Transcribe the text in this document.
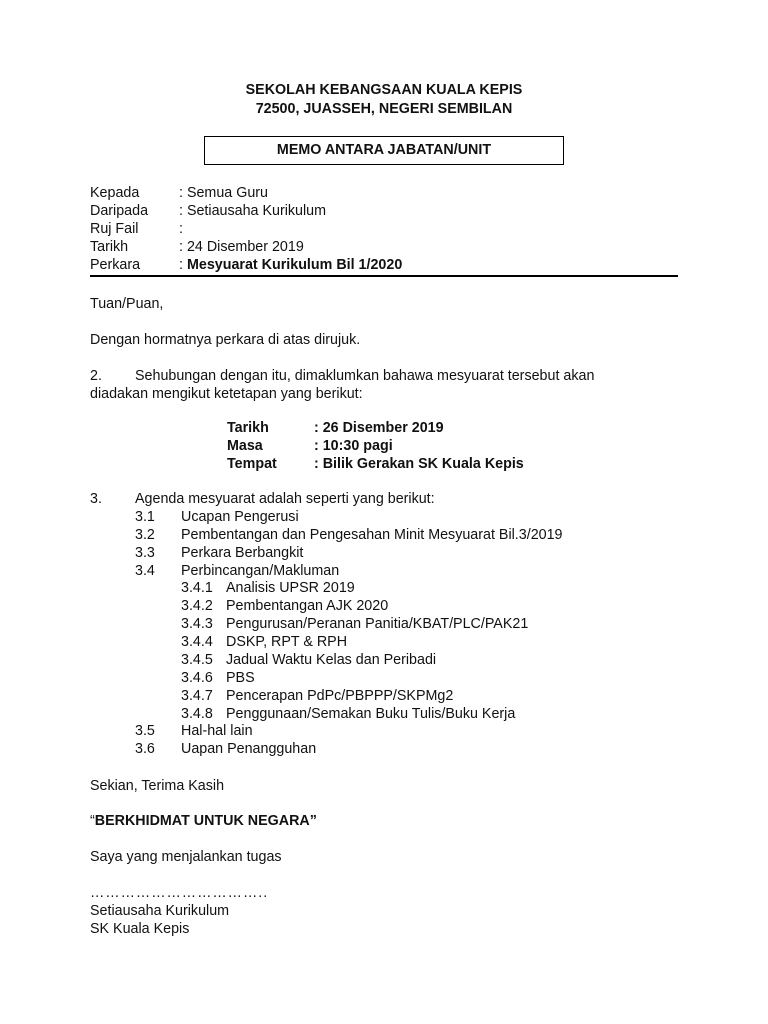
SEKOLAH KEBANGSAAN KUALA KEPIS
72500, JUASSEH, NEGERI SEMBILAN
MEMO ANTARA JABATAN/UNIT
Kepada	: Semua Guru
Daripada : Setiausaha Kurikulum
Ruj Fail	:
Tarikh	: 24 Disember 2019
Perkara	: Mesyuarat Kurikulum Bil 1/2020
Tuan/Puan,
Dengan hormatnya perkara di atas dirujuk.
2. Sehubungan dengan itu, dimaklumkan bahawa mesyuarat tersebut akan
diadakan mengikut ketetapan yang berikut:
Tarikh	: 26 Disember 2019
Masa	: 10:30 pagi
Tempat	: Bilik Gerakan SK Kuala Kepis
3. Agenda mesyuarat adalah seperti yang berikut:
3.1 Ucapan Pengerusi
3.2 Pembentangan dan Pengesahan Minit Mesyuarat Bil.3/2019
3.3 Perkara Berbangkit
3.4 Perbincangan/Makluman
3.4.1 Analisis UPSR 2019
3.4.2 Pembentangan AJK 2020
3.4.3 Pengurusan/Peranan Panitia/KBAT/PLC/PAK21
3.4.4 DSKP, RPT & RPH
3.4.5 Jadual Waktu Kelas dan Peribadi
3.4.6 PBS
3.4.7 Pencerapan PdPc/PBPPP/SKPMg2
3.4.8 Penggunaan/Semakan Buku Tulis/Buku Kerja
3.5 Hal-hal lain
3.6 Uapan Penangguhan
Sekian, Terima Kasih
“BERKHIDMAT UNTUK NEGARA”
Saya yang menjalankan tugas
……………………………..
Setiausaha Kurikulum
SK Kuala Kepis
